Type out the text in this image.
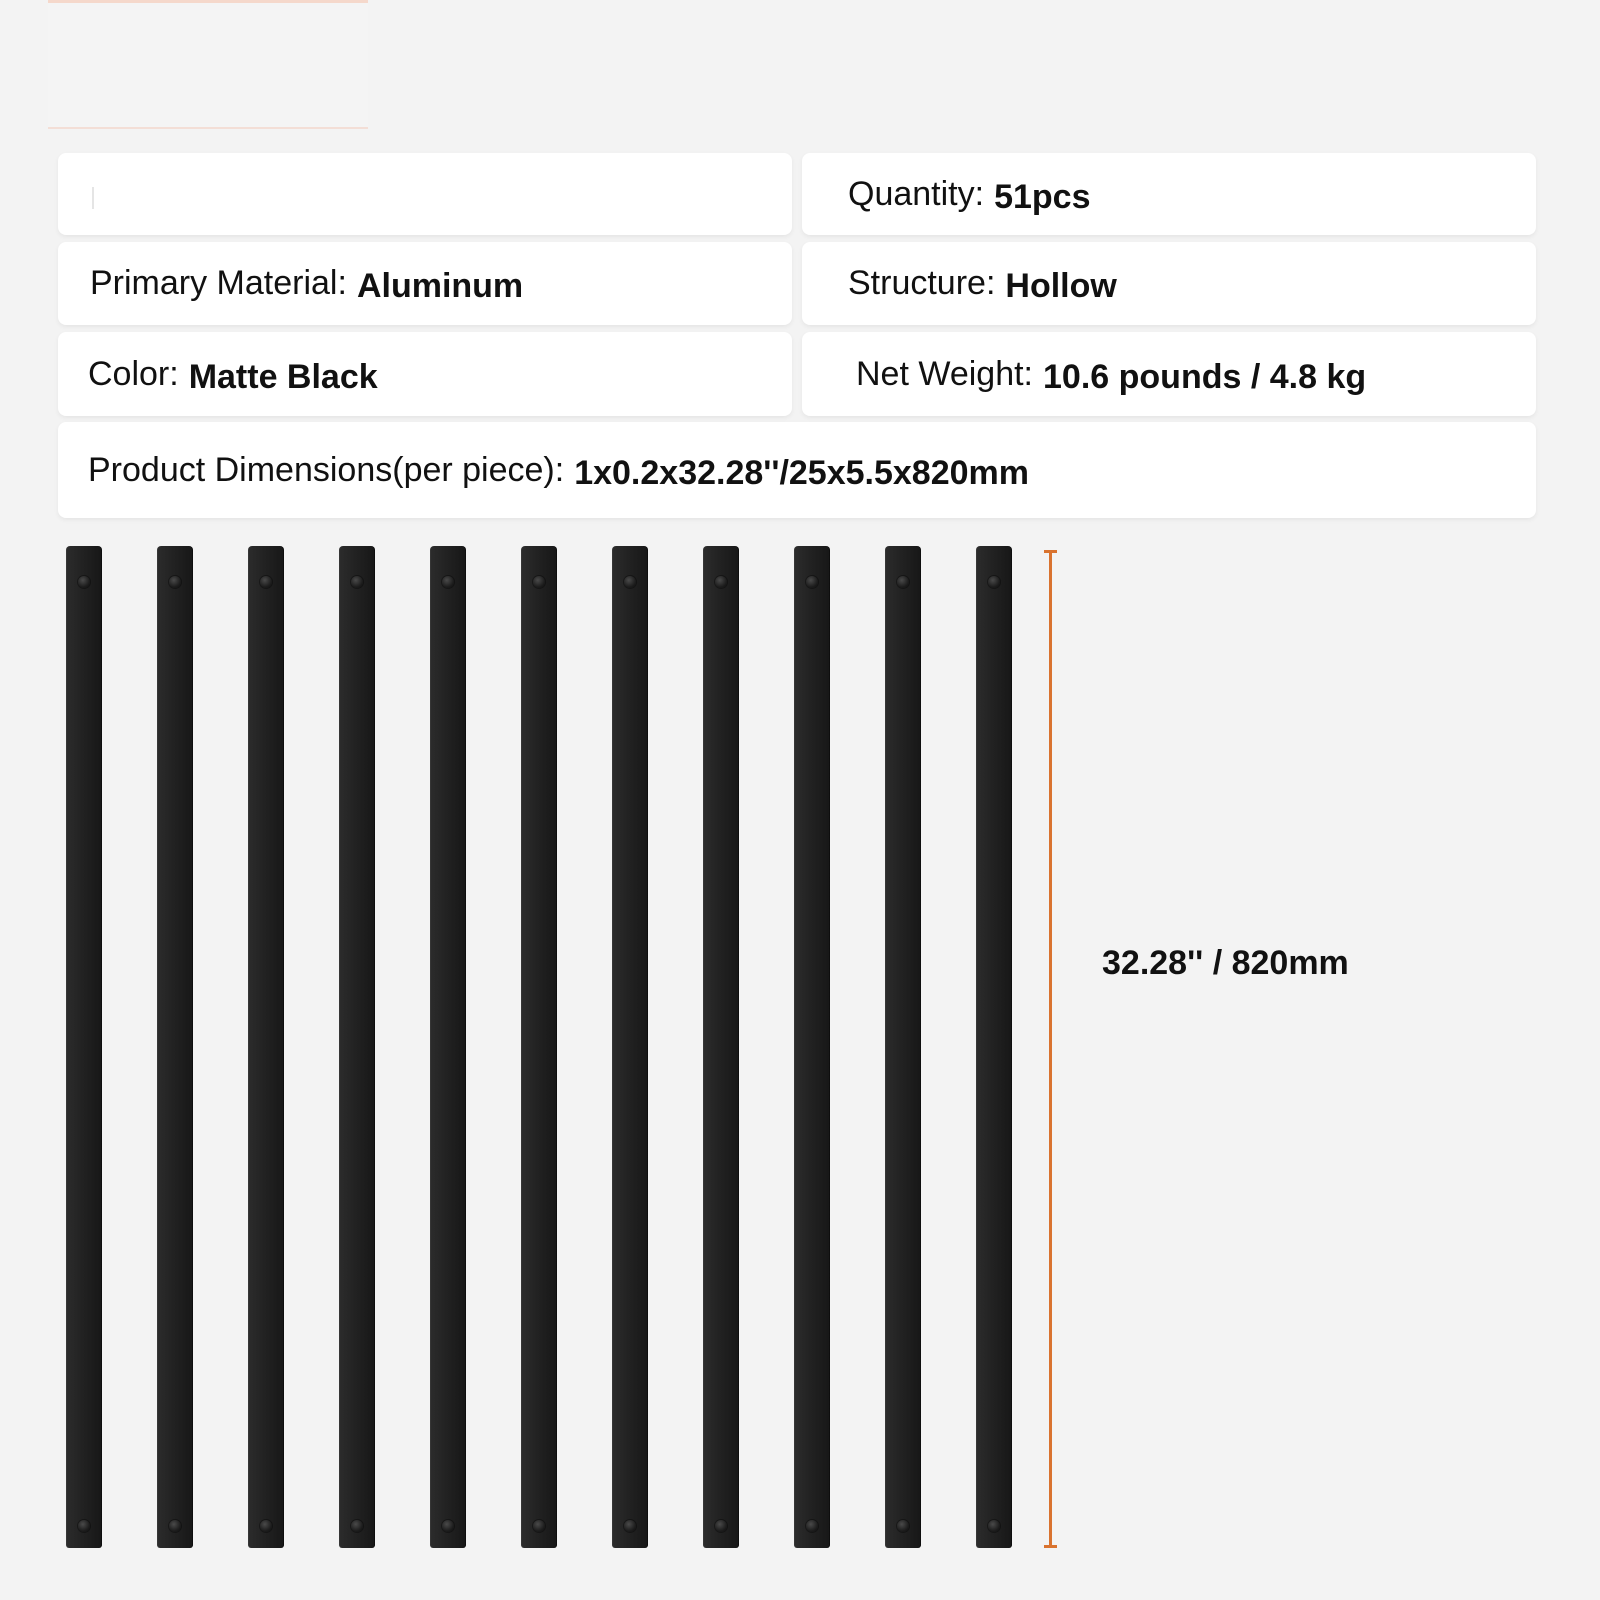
Quantity: 51pcs
Primary Material: Aluminum	Structure: Hollow
Color: Matte Black	Net Weight: 10.6 pounds / 4.8 kg
Product Dimensions(per piece): 1x0.2x32.28''/25x5.5x820mm
32.28'' / 820mm
